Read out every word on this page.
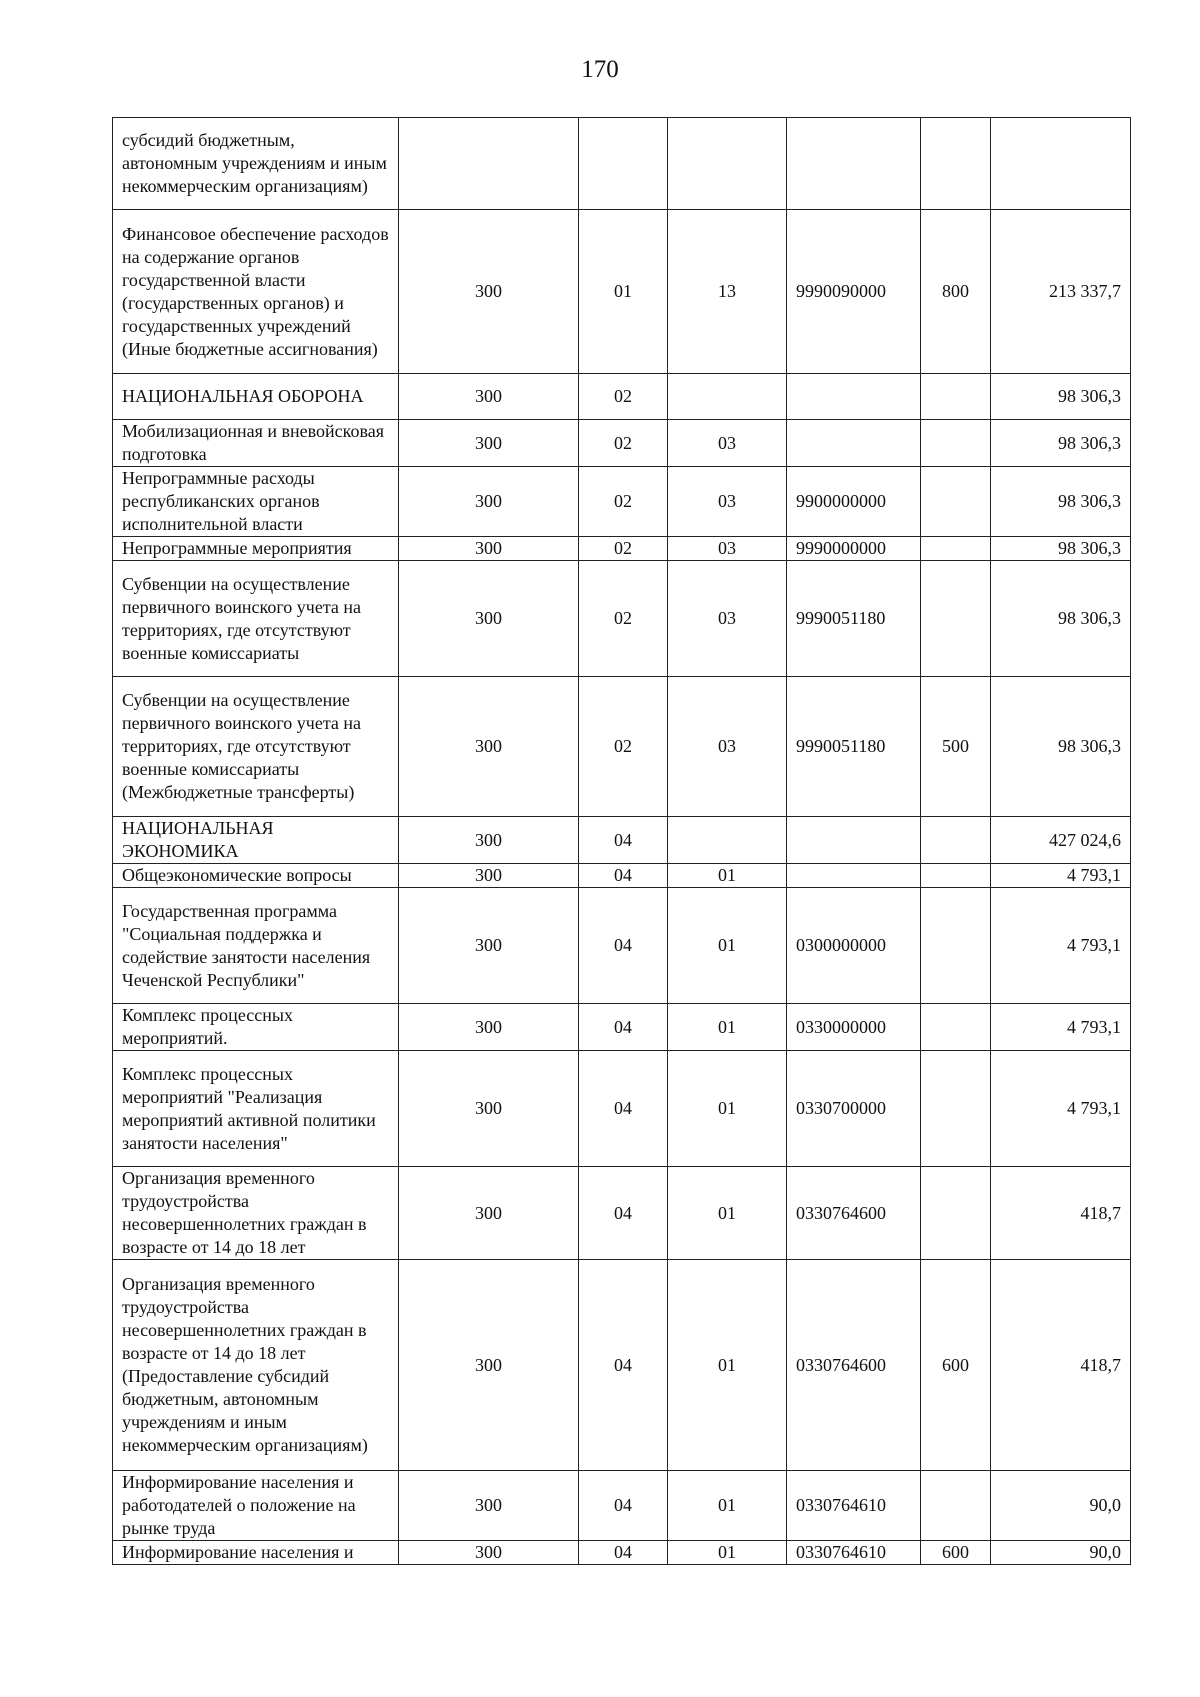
170
субсидий бюджетным, автономным учреждениям и иным некоммерческим организациям)						
Финансовое обеспечение расходов на содержание органов государственной власти (государственных органов) и государственных учреждений (Иные бюджетные ассигнования)	300	01	13	9990090000	800	213 337,7
НАЦИОНАЛЬНАЯ ОБОРОНА	300	02				98 306,3
Мобилизационная и вневойсковая подготовка	300	02	03			98 306,3
Непрограммные расходы республиканских органов исполнительной власти	300	02	03	9900000000		98 306,3
Непрограммные мероприятия	300	02	03	9990000000		98 306,3
Субвенции на осуществление первичного воинского учета на территориях, где отсутствуют военные комиссариаты	300	02	03	9990051180		98 306,3
Субвенции на осуществление первичного воинского учета на территориях, где отсутствуют военные комиссариаты (Межбюджетные трансферты)	300	02	03	9990051180	500	98 306,3
НАЦИОНАЛЬНАЯ ЭКОНОМИКА	300	04				427 024,6
Общеэкономические вопросы	300	04	01			4 793,1
Государственная программа "Социальная поддержка и содействие занятости населения Чеченской Республики"	300	04	01	0300000000		4 793,1
Комплекс процессных мероприятий.	300	04	01	0330000000		4 793,1
Комплекс процессных мероприятий "Реализация мероприятий активной политики занятости населения"	300	04	01	0330700000		4 793,1
Организация временного трудоустройства несовершеннолетних граждан в возрасте от 14 до 18 лет	300	04	01	0330764600		418,7
Организация временного трудоустройства несовершеннолетних граждан в возрасте от 14 до 18 лет (Предоставление субсидий бюджетным, автономным учреждениям и иным некоммерческим организациям)	300	04	01	0330764600	600	418,7
Информирование населения и работодателей о положение на рынке труда	300	04	01	0330764610		90,0
Информирование населения и	300	04	01	0330764610	600	90,0
